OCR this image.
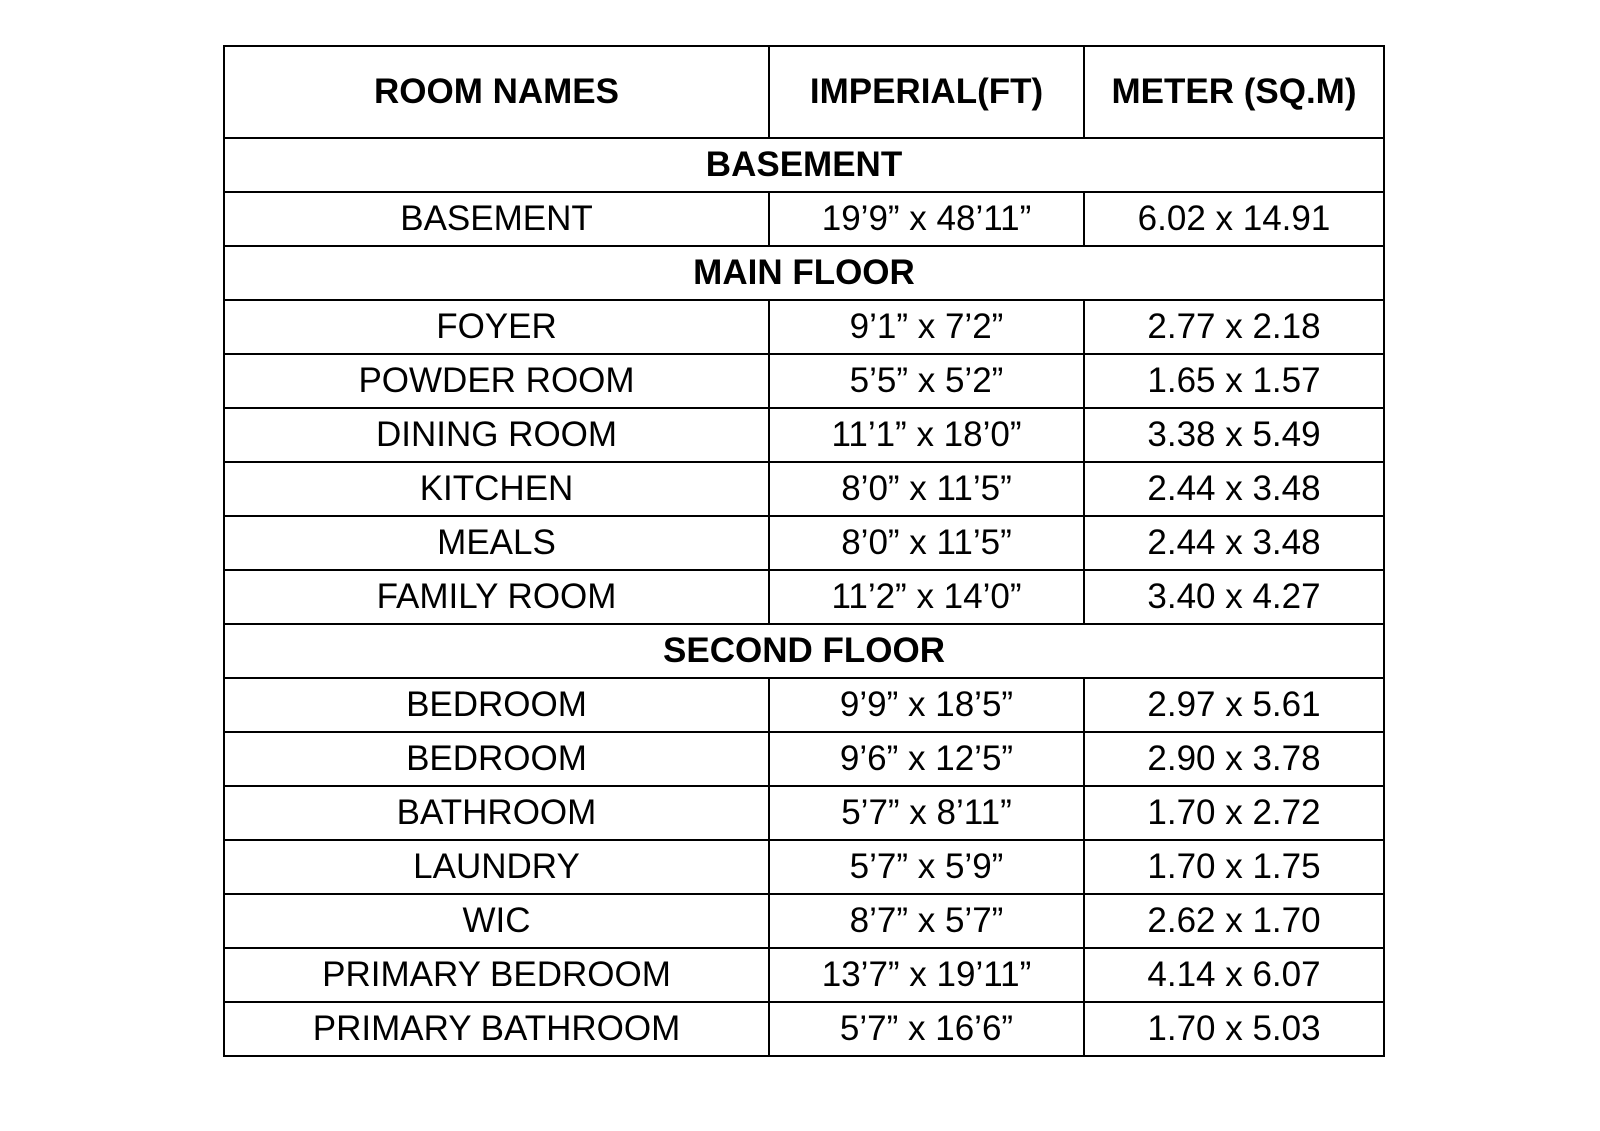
ROOM NAMES	IMPERIAL(FT)	METER (SQ.M)
BASEMENT		
BASEMENT	19’9” x 48’11”	6.02 x 14.91
MAIN FLOOR		
FOYER	9’1” x 7’2”	2.77 x 2.18
POWDER ROOM	5’5” x 5’2”	1.65 x 1.57
DINING ROOM	11’1” x 18’0”	3.38 x 5.49
KITCHEN	8’0” x 11’5”	2.44 x 3.48
MEALS	8’0” x 11’5”	2.44 x 3.48
FAMILY ROOM	11’2” x 14’0”	3.40 x 4.27
SECOND FLOOR		
BEDROOM	9’9” x 18’5”	2.97 x 5.61
BEDROOM	9’6” x 12’5”	2.90 x 3.78
BATHROOM	5’7” x 8’11”	1.70 x 2.72
LAUNDRY	5’7” x 5’9”	1.70 x 1.75
WIC	8’7” x 5’7”	2.62 x 1.70
PRIMARY BEDROOM	13’7” x 19’11”	4.14 x 6.07
PRIMARY BATHROOM	5’7” x 16’6”	1.70 x 5.03
